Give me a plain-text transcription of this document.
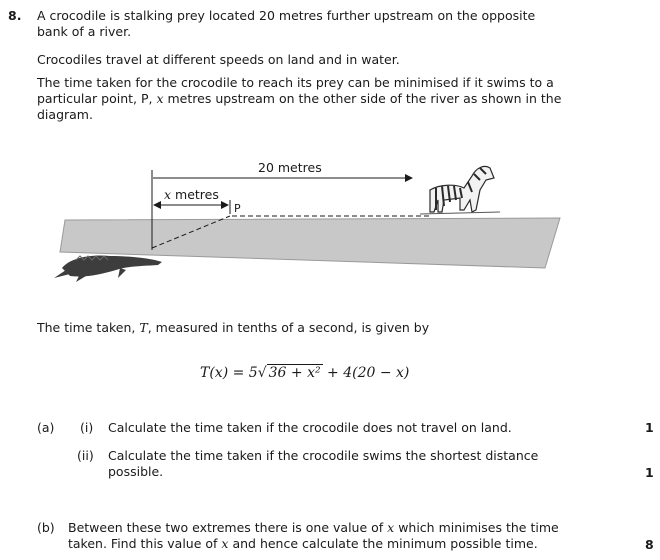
8. A crocodile is stalking prey located 20 metres further upstream on the opposite
bank of a river.
Crocodiles travel at different speeds on land and in water.
The time taken for the crocodile to reach its prey can be minimised if it swims to a
particular point, P, x metres upstream on the other side of the river as shown in the
diagram.
20 metres
x metres
P
The time taken, T, measured in tenths of a second, is given by
T(x) = 5√ 36 + x² + 4(20 − x)
(a) (i) Calculate the time taken if the crocodile does not travel on land.	1
(ii) Calculate the time taken if the crocodile swims the shortest distance
possible.	1
(b) Between these two extremes there is one value of x which minimises the time
taken. Find this value of x and hence calculate the minimum possible time.	8
